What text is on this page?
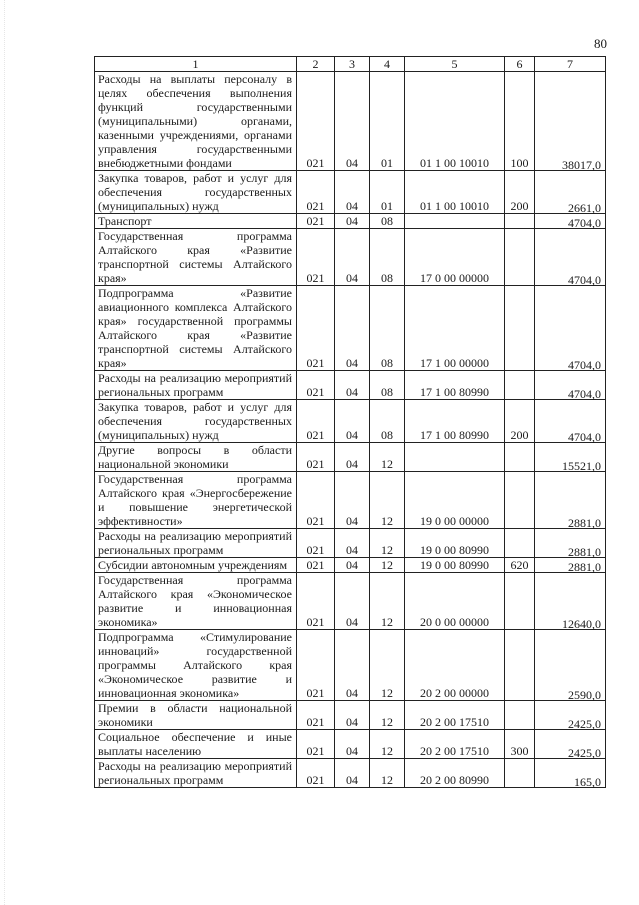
80
1	2	3	4	5	6	7
Расходы на выплаты персоналу в целях обеспечения выполнения функций государственными (муниципальными) органами, казенными учреждениями, органами управления государственными внебюджетными фондами	021	04	01	01 1 00 10010	100	38017,0
Закупка товаров, работ и услуг для обеспечения государственных (муниципальных) нужд	021	04	01	01 1 00 10010	200	2661,0
Транспорт	021	04	08			4704,0
Государственная программа Алтайского края «Развитие транспортной системы Алтайского края»	021	04	08	17 0 00 00000		4704,0
Подпрограмма «Развитие авиационного комплекса Алтайского края» государственной программы Алтайского края «Развитие транспортной системы Алтайского края»	021	04	08	17 1 00 00000		4704,0
Расходы на реализацию мероприятий региональных программ	021	04	08	17 1 00 80990		4704,0
Закупка товаров, работ и услуг для обеспечения государственных (муниципальных) нужд	021	04	08	17 1 00 80990	200	4704,0
Другие вопросы в области национальной экономики	021	04	12			15521,0
Государственная программа Алтайского края «Энергосбережение и повышение энергетической эффективности»	021	04	12	19 0 00 00000		2881,0
Расходы на реализацию мероприятий региональных программ	021	04	12	19 0 00 80990		2881,0
Субсидии автономным учреждениям	021	04	12	19 0 00 80990	620	2881,0
Государственная программа Алтайского края «Экономическое развитие и инновационная экономика»	021	04	12	20 0 00 00000		12640,0
Подпрограмма «Стимулирование инноваций» государственной программы Алтайского края «Экономическое развитие и инновационная экономика»	021	04	12	20 2 00 00000		2590,0
Премии в области национальной экономики	021	04	12	20 2 00 17510		2425,0
Социальное обеспечение и иные выплаты населению	021	04	12	20 2 00 17510	300	2425,0
Расходы на реализацию мероприятий региональных программ	021	04	12	20 2 00 80990		165,0
